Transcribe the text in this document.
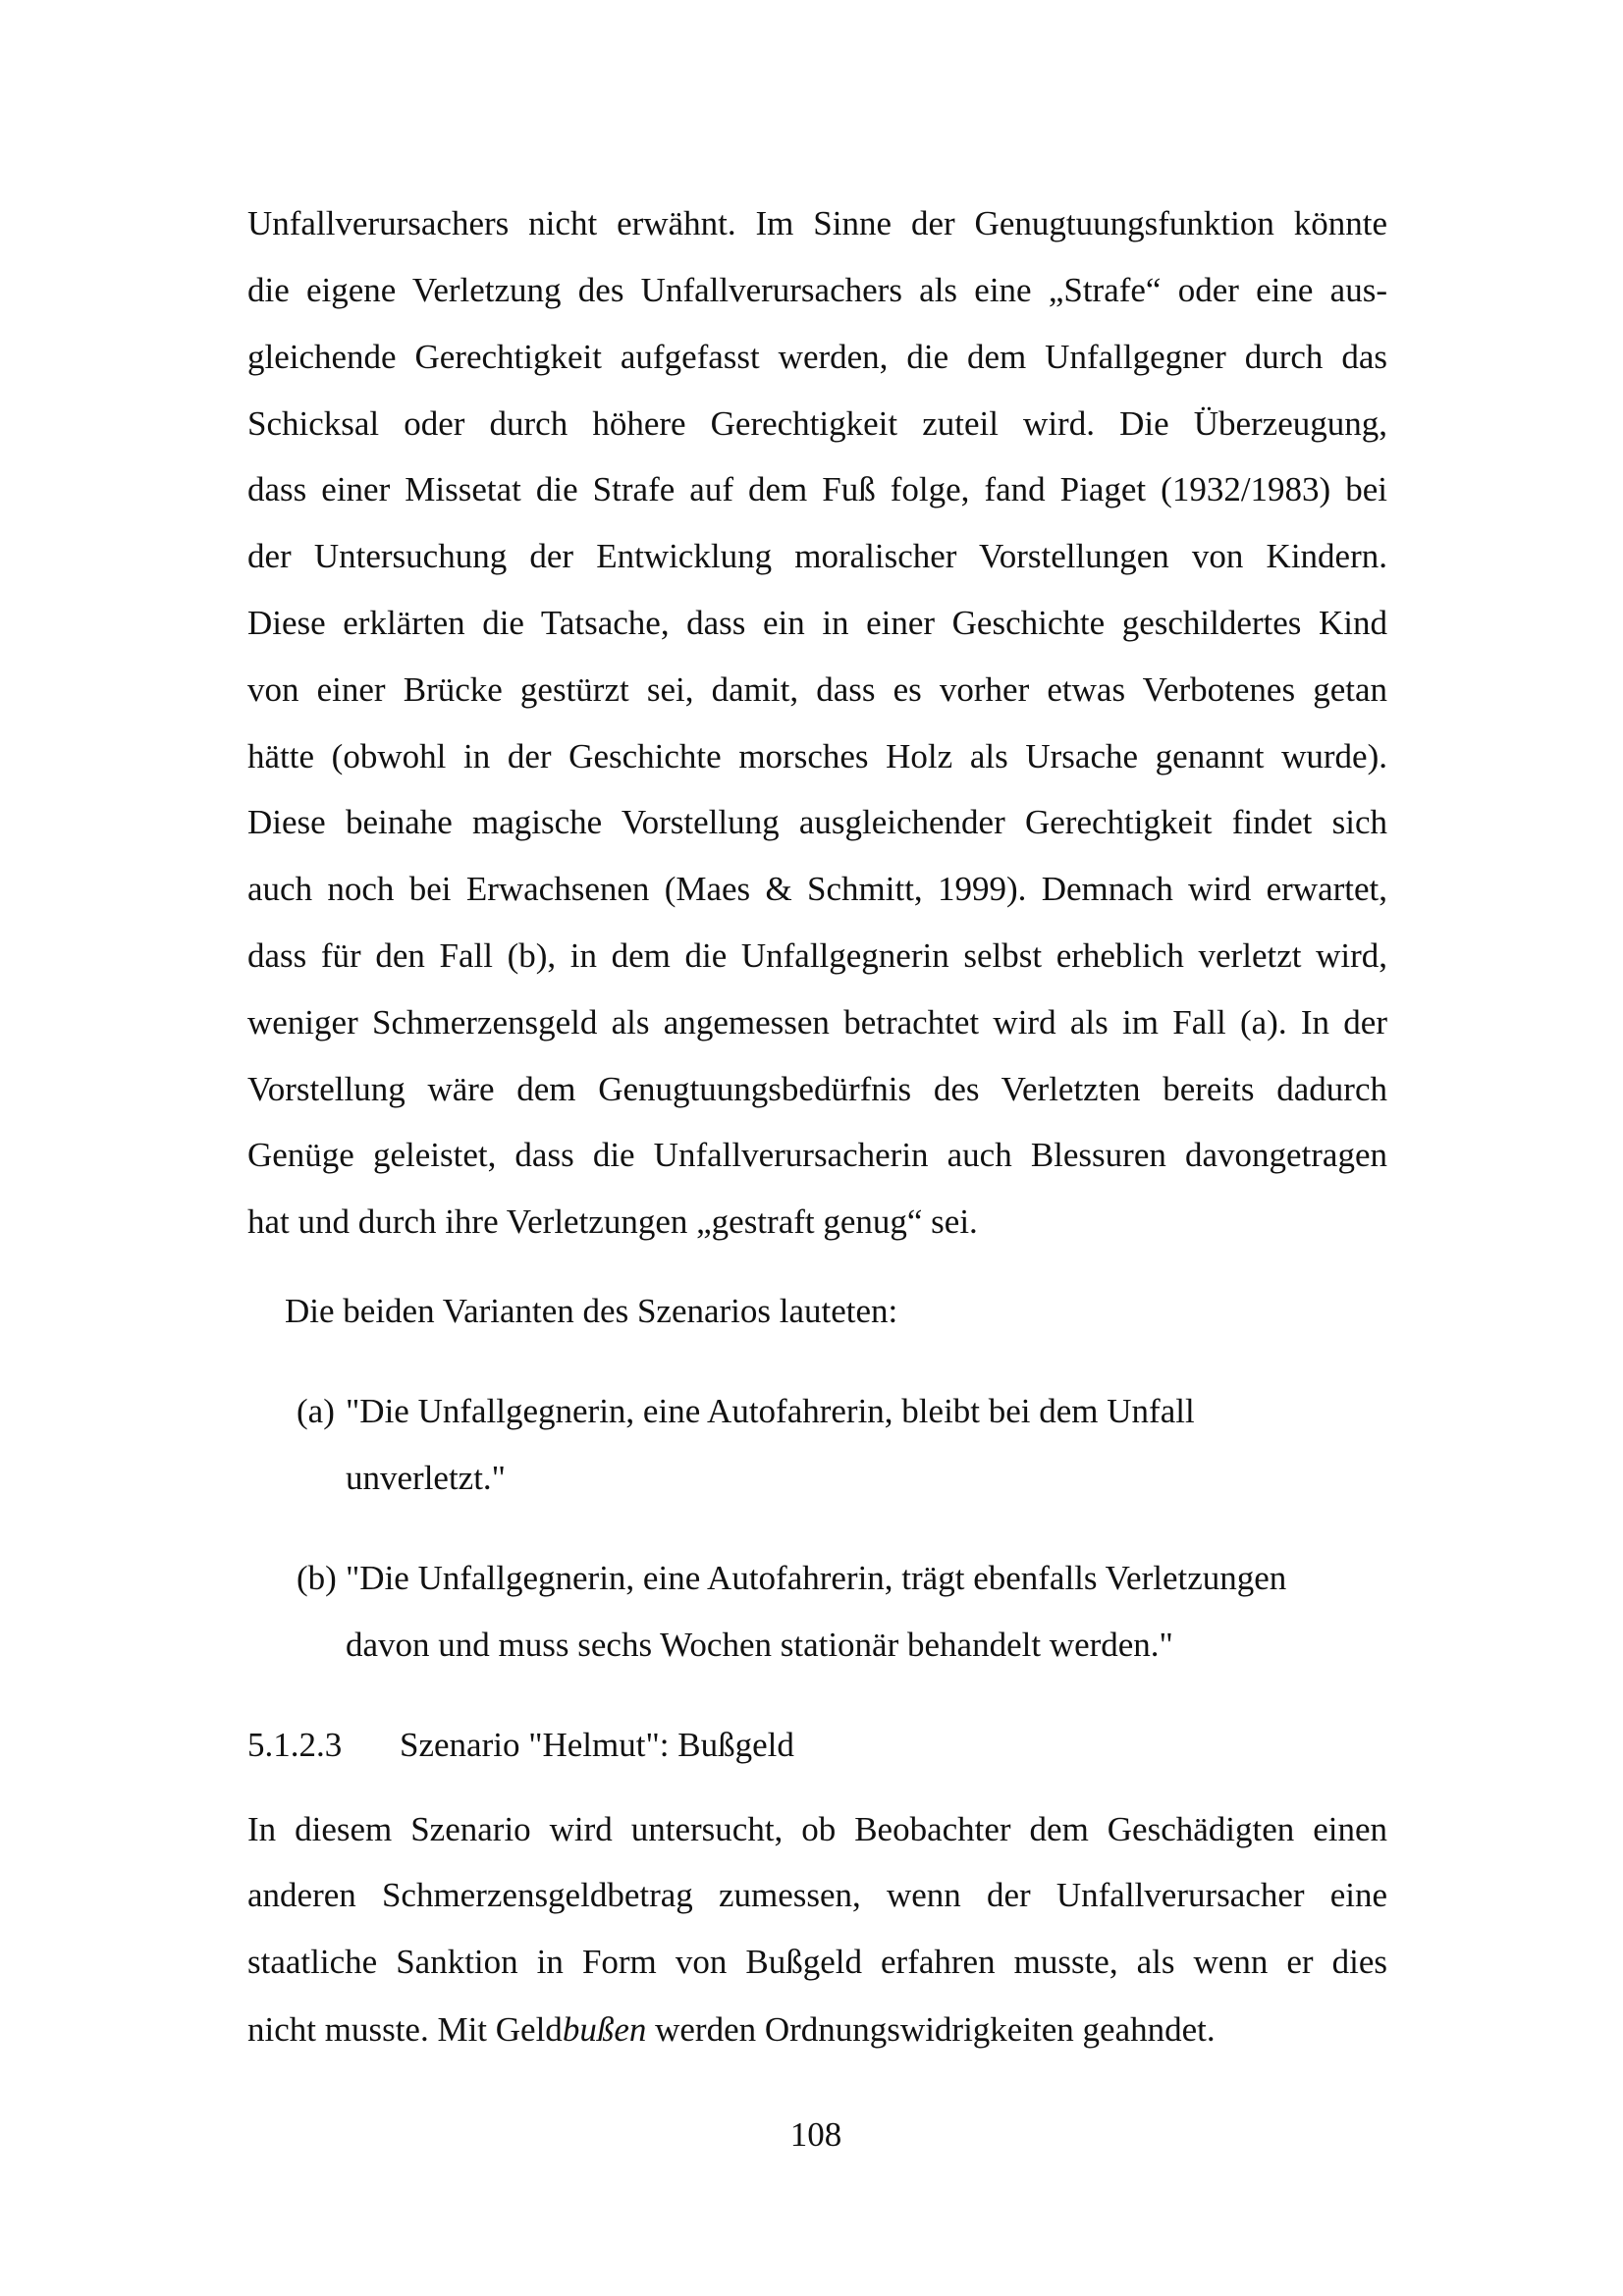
Unfallverursachers nicht erwähnt. Im Sinne der Genugtuungsfunktion könnte
die eigene Verletzung des Unfallverursachers als eine „Strafe“ oder eine aus-
gleichende Gerechtigkeit aufgefasst werden, die dem Unfallgegner durch das
Schicksal oder durch höhere Gerechtigkeit zuteil wird. Die Überzeugung,
dass einer Missetat die Strafe auf dem Fuß folge, fand Piaget (1932/1983) bei
der Untersuchung der Entwicklung moralischer Vorstellungen von Kindern.
Diese erklärten die Tatsache, dass ein in einer Geschichte geschildertes Kind
von einer Brücke gestürzt sei, damit, dass es vorher etwas Verbotenes getan
hätte (obwohl in der Geschichte morsches Holz als Ursache genannt wurde).
Diese beinahe magische Vorstellung ausgleichender Gerechtigkeit findet sich
auch noch bei Erwachsenen (Maes & Schmitt, 1999). Demnach wird erwartet,
dass für den Fall (b), in dem die Unfallgegnerin selbst erheblich verletzt wird,
weniger Schmerzensgeld als angemessen betrachtet wird als im Fall (a). In der
Vorstellung wäre dem Genugtuungsbedürfnis des Verletzten bereits dadurch
Genüge geleistet, dass die Unfallverursacherin auch Blessuren davongetragen
hat und durch ihre Verletzungen „gestraft genug“ sei.
Die beiden Varianten des Szenarios lauteten:
(a) "Die Unfallgegnerin, eine Autofahrerin, bleibt bei dem Unfall
unverletzt."
(b) "Die Unfallgegnerin, eine Autofahrerin, trägt ebenfalls Verletzungen
davon und muss sechs Wochen stationär behandelt werden."
5.1.2.3 Szenario "Helmut": Bußgeld
In diesem Szenario wird untersucht, ob Beobachter dem Geschädigten einen
anderen Schmerzensgeldbetrag zumessen, wenn der Unfallverursacher eine
staatliche Sanktion in Form von Bußgeld erfahren musste, als wenn er dies
nicht musste. Mit Geldbußen werden Ordnungswidrigkeiten geahndet.
108
